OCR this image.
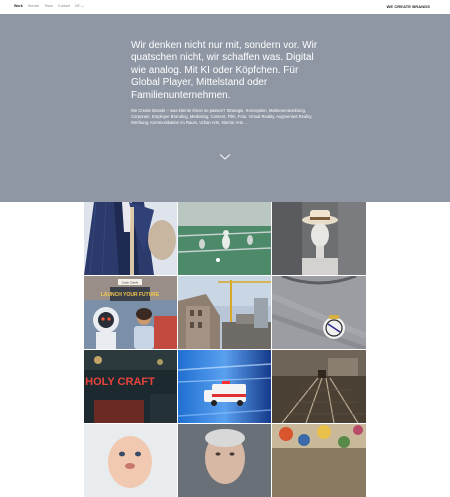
Work Service Team Contact DE	WE CREATE BRANDS
Wir denken nicht nur mit, sondern vor. Wir quatschen nicht, wir schaffen was. Digital wie analog. Mit KI oder Köpfchen. Für Global Player, Mittelstand oder Familienunternehmen.

We Create Brands – was könnte Ihnen so passen? Strategie, Konzeption, Markenentwicklung, Corporate, Employer Branding, Marketing, Content, Film, Foto, Virtual Reality, Augmented Reality, Werbung, Kommunikation im Raum, Urban Arts, Interior Arts ...

Code Chiefs
LAUNCH YOUR FUTURE
HOLY CRAFT
